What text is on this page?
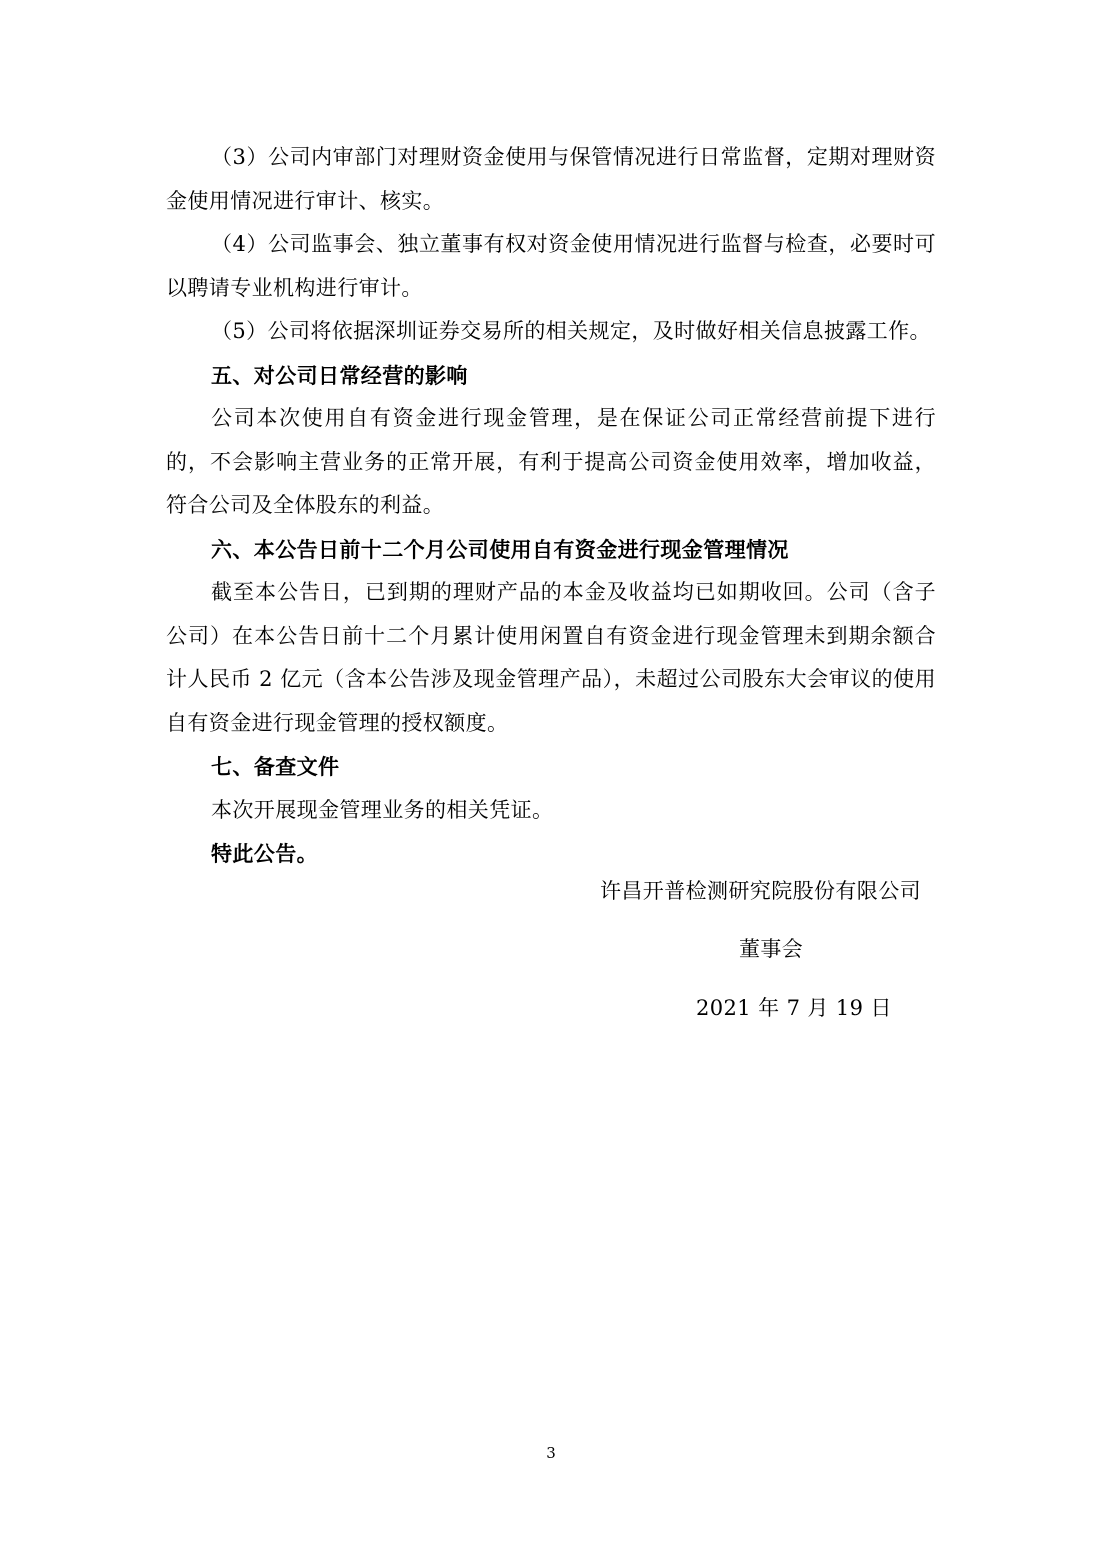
（3）公司内审部门对理财资金使用与保管情况进行日常监督，定期对理财资金使用情况进行审计、核实。

（4）公司监事会、独立董事有权对资金使用情况进行监督与检查，必要时可以聘请专业机构进行审计。

（5）公司将依据深圳证券交易所的相关规定，及时做好相关信息披露工作。

五、对公司日常经营的影响

公司本次使用自有资金进行现金管理，是在保证公司正常经营前提下进行的，不会影响主营业务的正常开展，有利于提高公司资金使用效率，增加收益，符合公司及全体股东的利益。

六、本公告日前十二个月公司使用自有资金进行现金管理情况

截至本公告日，已到期的理财产品的本金及收益均已如期收回。公司（含子公司）在本公告日前十二个月累计使用闲置自有资金进行现金管理未到期余额合计人民币 2 亿元（含本公告涉及现金管理产品），未超过公司股东大会审议的使用自有资金进行现金管理的授权额度。

七、备查文件

本次开展现金管理业务的相关凭证。

特此公告。

许昌开普检测研究院股份有限公司
董事会
2021 年 7 月 19 日
3
